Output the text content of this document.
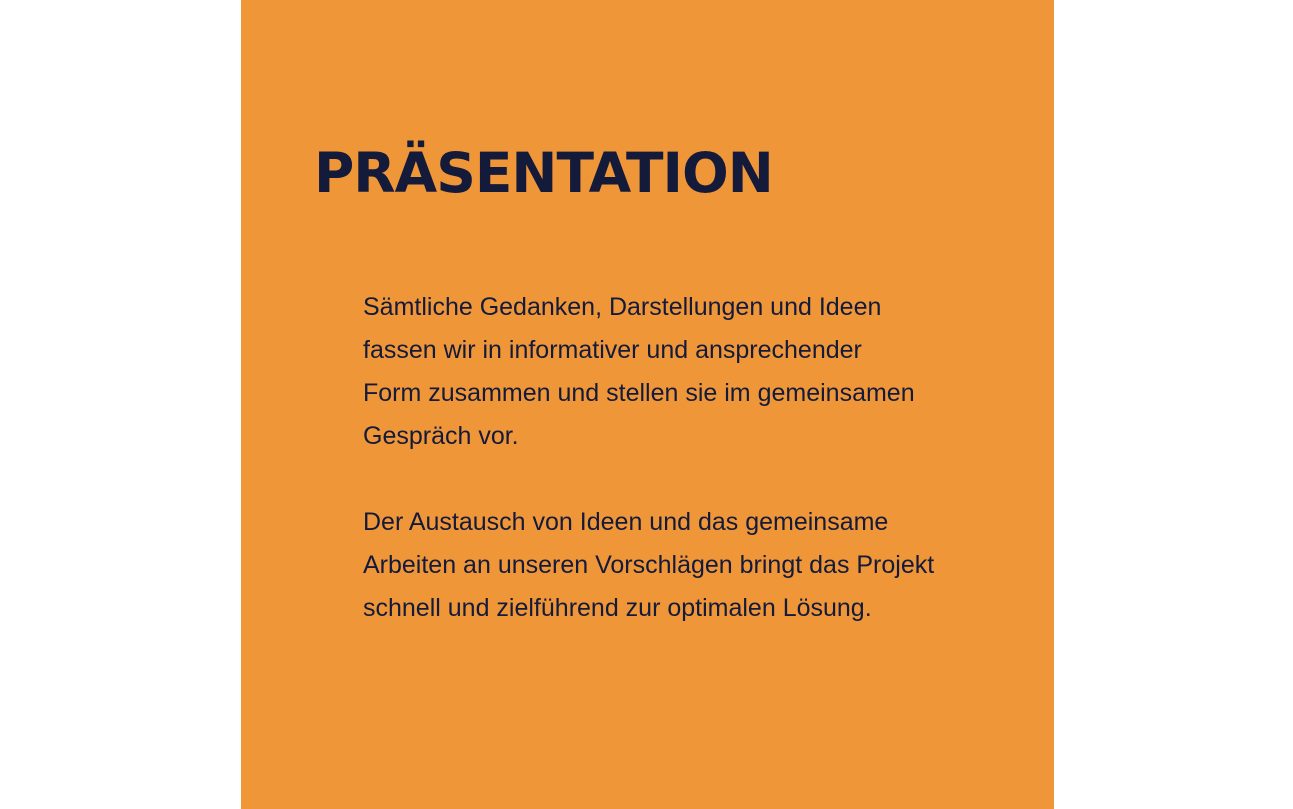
PRÄSENTATION

Sämtliche Gedanken, Darstellungen und Ideen
fassen wir in informativer und ansprechender
Form zusammen und stellen sie im gemeinsamen
Gespräch vor.

Der Austausch von Ideen und das gemeinsame
Arbeiten an unseren Vorschlägen bringt das Projekt
schnell und zielführend zur optimalen Lösung.
